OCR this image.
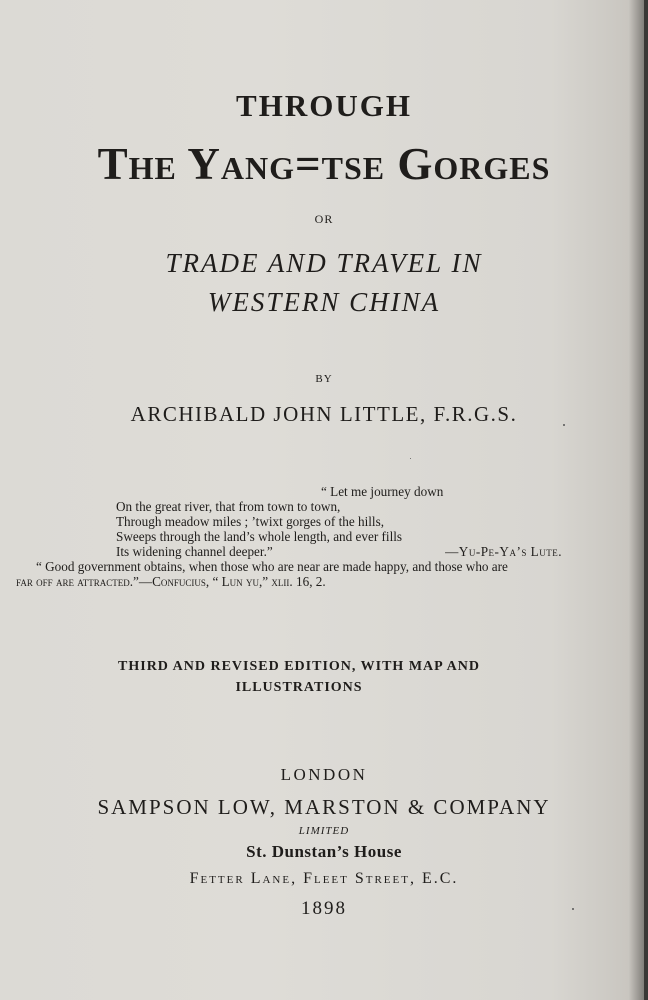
THROUGH
The Yang=tse Gorges
OR
TRADE AND TRAVEL IN
WESTERN CHINA
BY
ARCHIBALD JOHN LITTLE, F.R.G.S.
“ Let me journey down
On the great river, that from town to town,
Through meadow miles ; ’twixt gorges of the hills,
Sweeps through the land’s whole length, and ever fills
Its widening channel deeper.”	—Yu-Pe-Ya’s Lute.
“ Good government obtains, when those who are near are made happy, and those who are
far off are attracted.”—Confucius, “ Lun yu,” xlii. 16, 2.
THIRD AND REVISED EDITION, WITH MAP AND
ILLUSTRATIONS
LONDON
SAMPSON LOW, MARSTON & COMPANY
LIMITED
St. Dunstan’s House
Fetter Lane, Fleet Street, E.C.
1898
